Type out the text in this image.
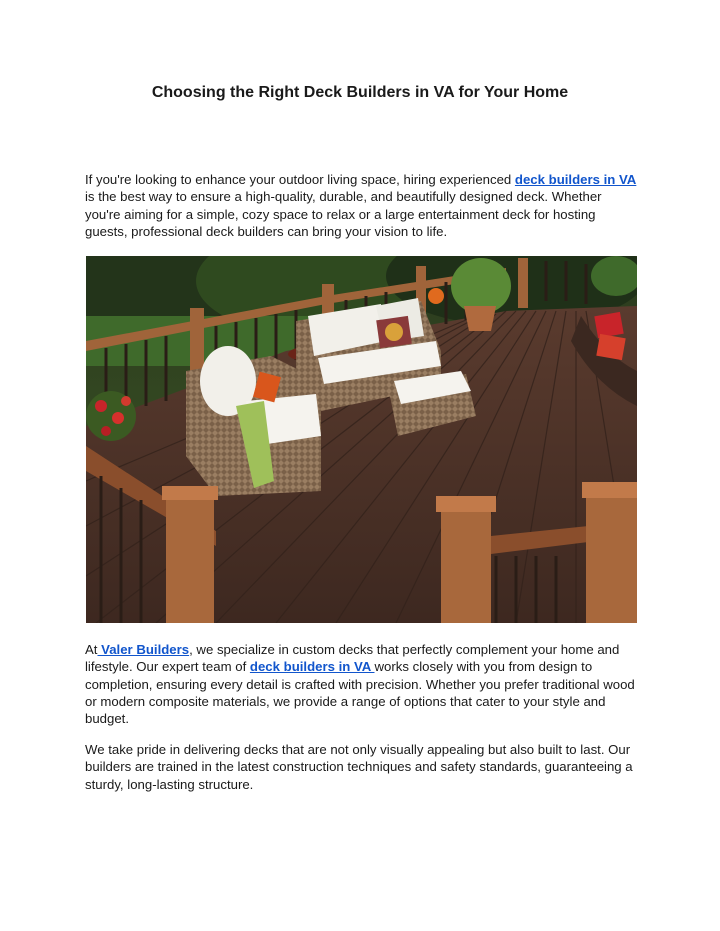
Choosing the Right Deck Builders in VA for Your Home

If you're looking to enhance your outdoor living space, hiring experienced deck builders in VA is the best way to ensure a high-quality, durable, and beautifully designed deck. Whether you're aiming for a simple, cozy space to relax or a large entertainment deck for hosting guests, professional deck builders can bring your vision to life.

At Valer Builders, we specialize in custom decks that perfectly complement your home and lifestyle. Our expert team of deck builders in VA works closely with you from design to completion, ensuring every detail is crafted with precision. Whether you prefer traditional wood or modern composite materials, we provide a range of options that cater to your style and budget.

We take pride in delivering decks that are not only visually appealing but also built to last. Our builders are trained in the latest construction techniques and safety standards, guaranteeing a sturdy, long-lasting structure.
